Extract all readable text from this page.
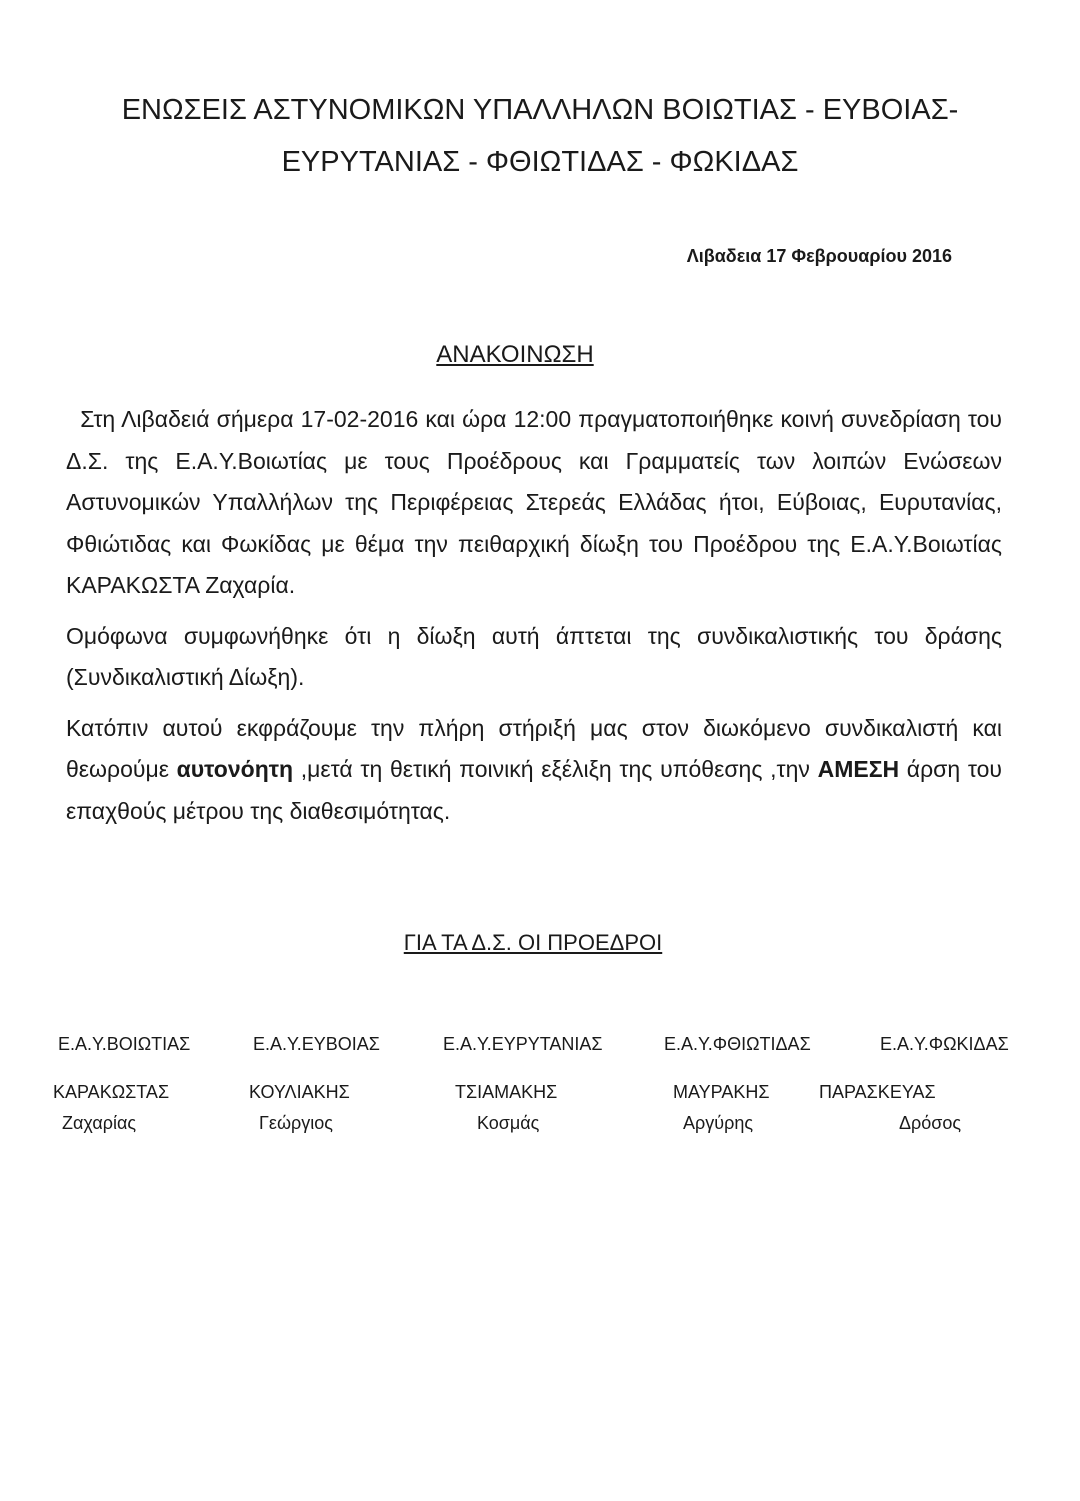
ΕΝΩΣΕΙΣ ΑΣΤΥΝΟΜΙΚΩΝ ΥΠΑΛΛΗΛΩΝ ΒΟΙΩΤΙΑΣ - ΕΥΒΟΙΑΣ-
ΕΥΡΥΤΑΝΙΑΣ - ΦΘΙΩΤΙΔΑΣ - ΦΩΚΙΔΑΣ
Λιβαδεια 17 Φεβρουαρίου 2016
ΑΝΑΚΟΙΝΩΣΗ

Στη Λιβαδειά σήμερα 17-02-2016 και ώρα 12:00 πραγματοποιήθηκε κοινή συνεδρίαση του Δ.Σ. της Ε.Α.Υ.Βοιωτίας με τους Προέδρους και Γραμματείς των λοιπών Ενώσεων Αστυνομικών Υπαλλήλων της Περιφέρειας Στερεάς Ελλάδας ήτοι, Εύβοιας, Ευρυτανίας, Φθιώτιδας και Φωκίδας με θέμα την πειθαρχική δίωξη του Προέδρου της Ε.Α.Υ.Βοιωτίας ΚΑΡΑΚΩΣΤΑ Ζαχαρία.

Ομόφωνα συμφωνήθηκε ότι η δίωξη αυτή άπτεται της συνδικαλιστικής του δράσης (Συνδικαλιστική Δίωξη).

Κατόπιν αυτού εκφράζουμε την πλήρη στήριξή μας στον διωκόμενο συνδικαλιστή και θεωρούμε αυτονόητη ,μετά τη θετική ποινική εξέλιξη της υπόθεσης ,την ΑΜΕΣΗ άρση του επαχθούς μέτρου της διαθεσιμότητας.

ΓΙΑ ΤΑ Δ.Σ. ΟΙ ΠΡΟΕΔΡΟΙ
Ε.Α.Υ.ΒΟΙΩΤΙΑΣ	Ε.Α.Υ.ΕΥΒΟΙΑΣ	Ε.Α.Υ.ΕΥΡΥΤΑΝΙΑΣ	Ε.Α.Υ.ΦΘΙΩΤΙΔΑΣ	Ε.Α.Υ.ΦΩΚΙΔΑΣ
ΚΑΡΑΚΩΣΤΑΣ	ΚΟΥΛΙΑΚΗΣ	ΤΣΙΑΜΑΚΗΣ	ΜΑΥΡΑΚΗΣ	ΠΑΡΑΣΚΕΥΑΣ
Ζαχαρίας	Γεώργιος	Κοσμάς	Αργύρης	Δρόσος
